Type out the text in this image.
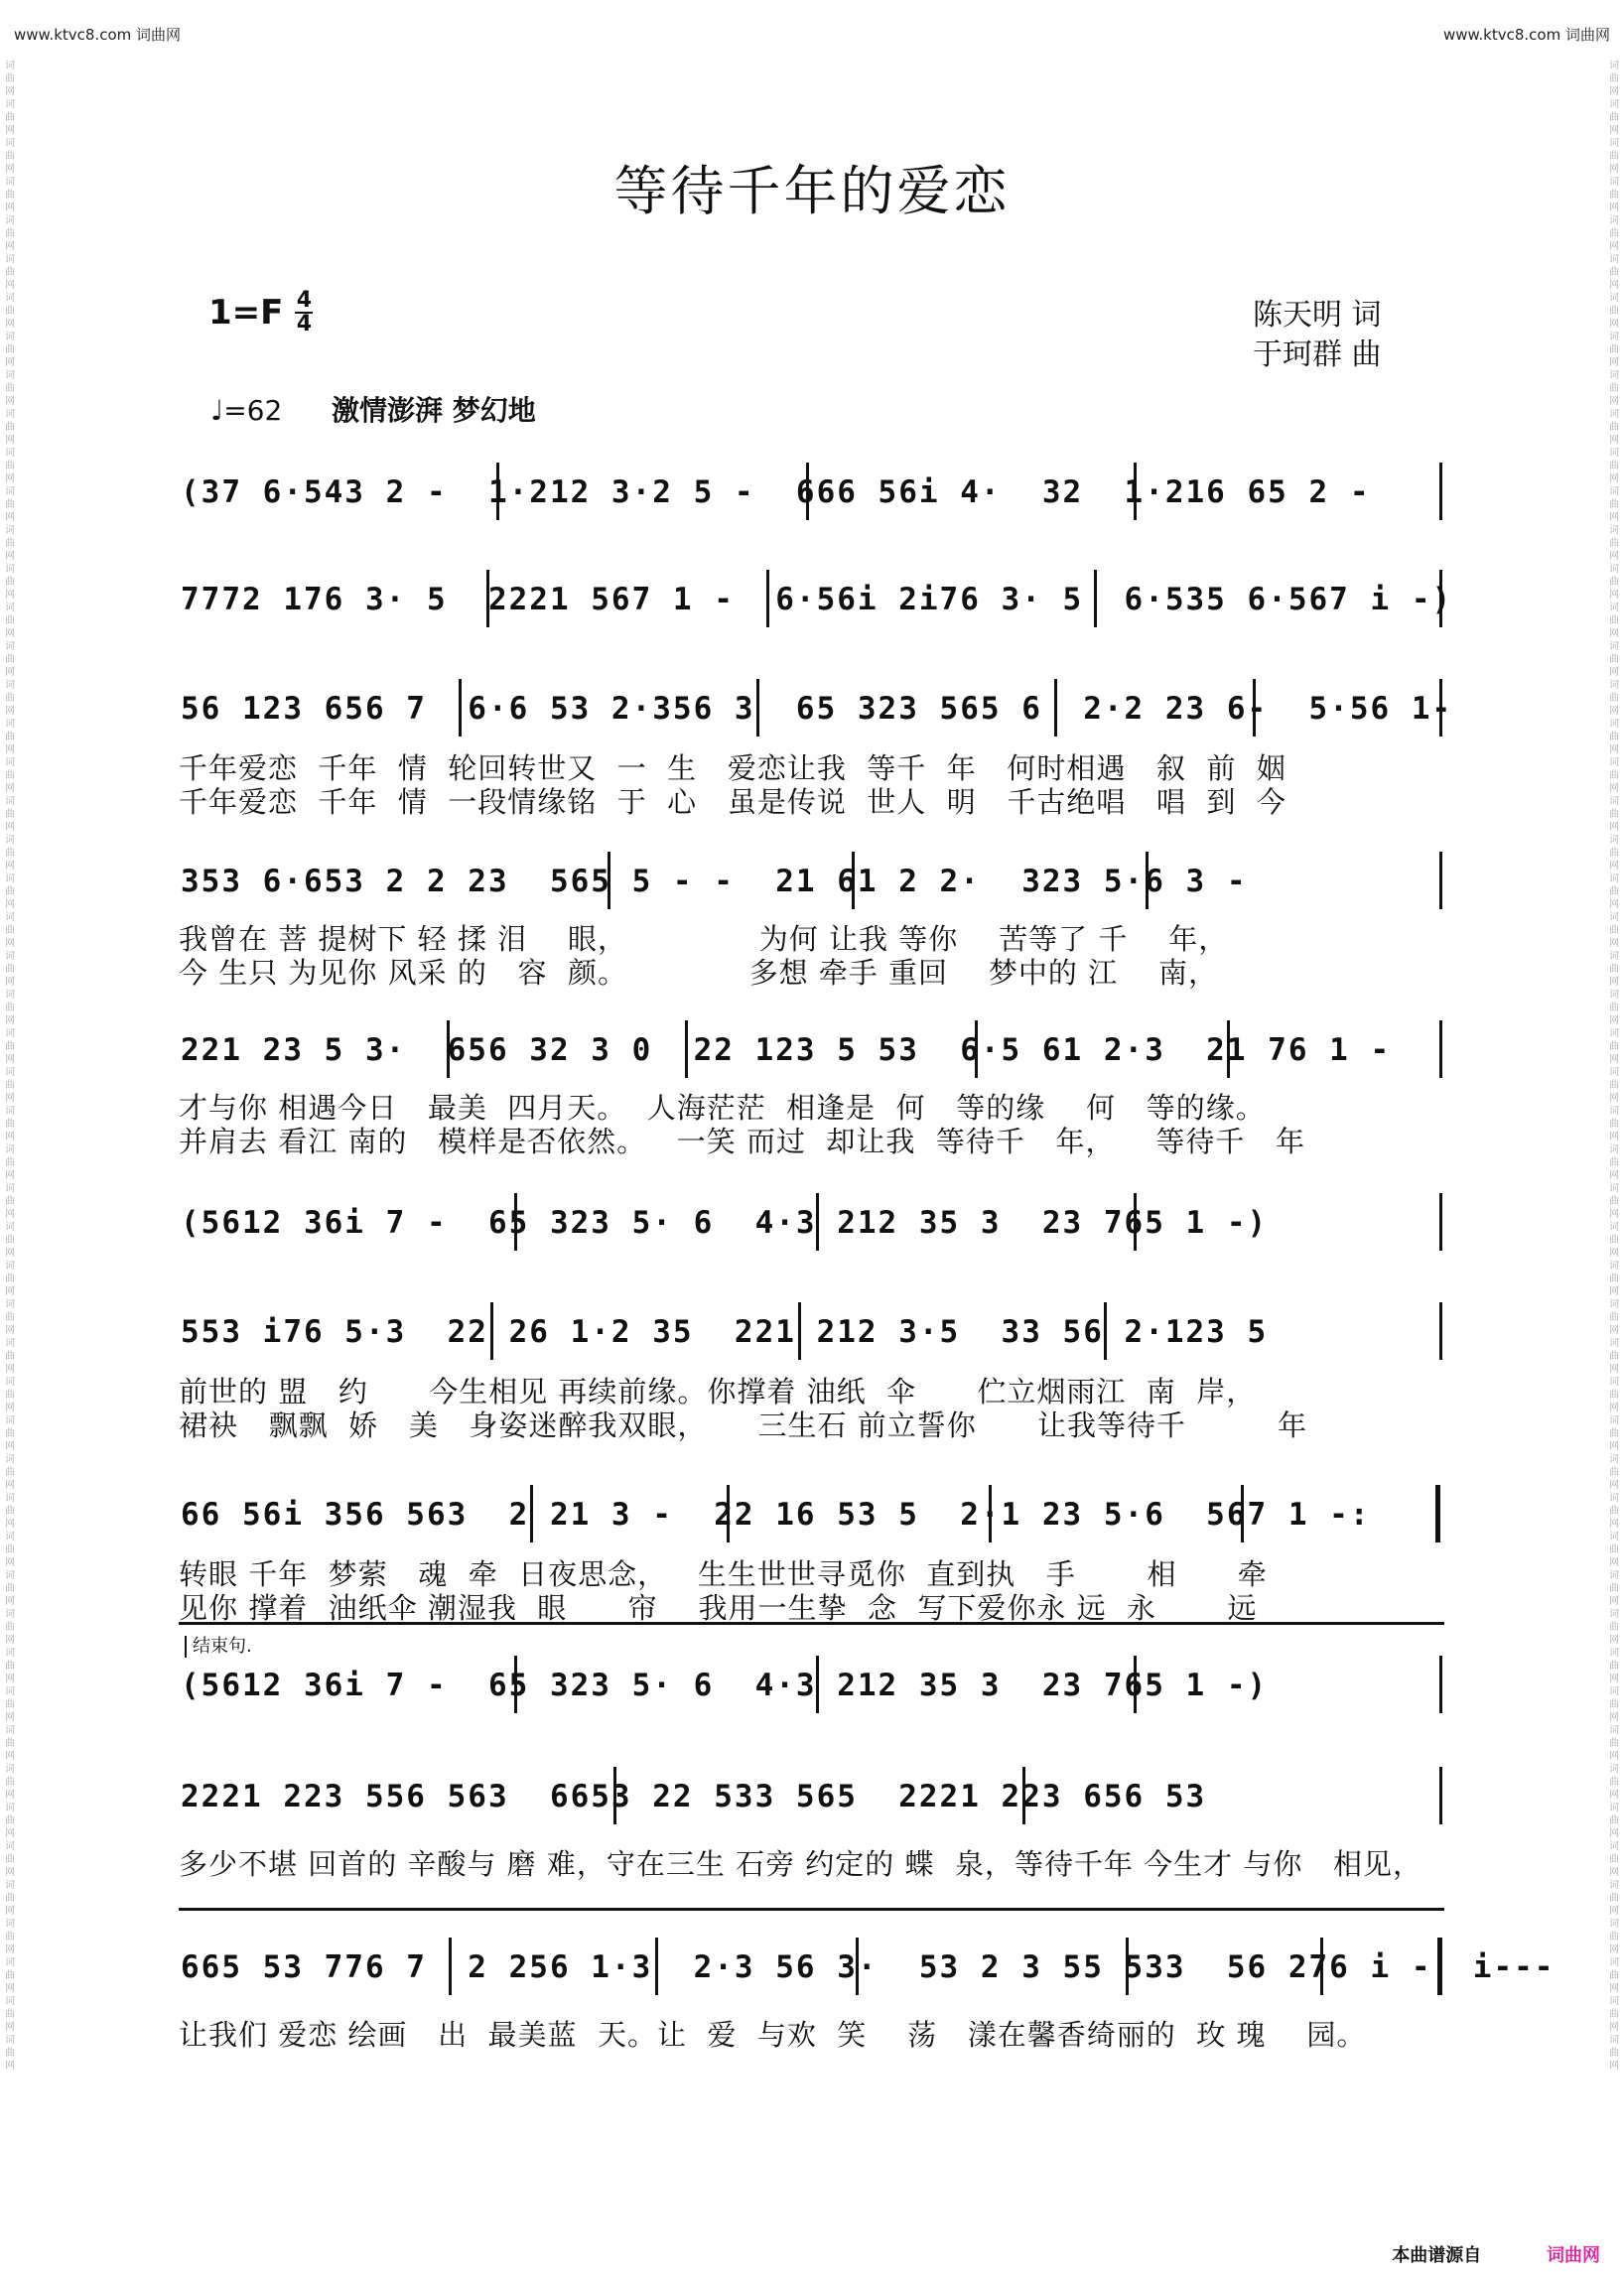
www.ktvc8.com 词曲网	www.ktvc8.com 词曲网
词曲网词曲网词曲网词曲网词曲网词曲网词曲网词曲网词曲网词曲网词曲网词曲网词曲网词曲网词曲网词曲网词曲网词曲网词曲网词曲网词曲网词曲网词曲网词曲网词曲网词曲网词曲网词曲网词曲网词曲网词曲网词曲网词曲网词曲网词曲网词曲网词曲网词曲网词曲网词曲网词曲网词曲网词曲网词曲网词曲网词曲网词曲网词曲网词曲网词曲网词曲网词曲网
词曲网词曲网词曲网词曲网词曲网词曲网词曲网词曲网词曲网词曲网词曲网词曲网词曲网词曲网词曲网词曲网词曲网词曲网词曲网词曲网词曲网词曲网词曲网词曲网词曲网词曲网词曲网词曲网词曲网词曲网词曲网词曲网词曲网词曲网词曲网词曲网词曲网词曲网词曲网词曲网词曲网词曲网词曲网词曲网词曲网词曲网词曲网词曲网词曲网词曲网词曲网词曲网
等待千年的爱恋
$1=F \frac{4}{4}$	陈天明 词
于珂群 曲
♩=62 激情澎湃 梦幻地
(37 6·543 2 -  1·212 3·2 5 -  666 56i 4·  32  1·216 65 2 -
7772 176 3· 5  2221 567 1 -  6·56i 2i76 3· 5  6·535 6·567 i -)
56 123 656 7  6·6 53 2·356 3  65 323 565 6  2·2 23 6-  5·56 1-
千年爱恋  千年  情  轮回转世又  一  生   爱恋让我  等千  年   何时相遇   叙  前  姻
千年爱恋  千年  情  一段情缘铭  于  心   虽是传说  世人  明   千古绝唱   唱  到  今
353 6·653 2 2 23  565 5 - -  21 61 2 2·  323 5·6 3 -
我曾在 菩 提树下 轻 揉 泪    眼，             为何 让我 等你    苦等了 千    年，
今 生只 为见你 风采 的   容  颜。            多想 牵手 重回    梦中的 江    南，
221 23 5 3·  656 32 3 0  22 123 5 53  6·5 61 2·3  21 76 1 -
才与你 相遇今日   最美  四月天。  人海茫茫  相逢是  何   等的缘    何   等的缘。
并肩去 看江 南的   模样是否依然。   一笑 而过  却让我  等待千   年，    等待千   年
(5612 36i 7 -  65 323 5· 6  4·3 212 35 3  23 765 1 -)
553 i76 5·3  22 26 1·2 35  221 212 3·5  33 56 2·123 5
前世的 盟   约      今生相见 再续前缘。你撑着 油纸  伞      伫立烟雨江  南  岸，
裙袂   飘飘  娇   美   身姿迷醉我双眼，     三生石 前立誓你      让我等待千         年
66 56i 356 563  2 21 3 -  22 16 53 5  2·1 23 5·6  567 1 -:
转眼 千年  梦萦   魂  牵  日夜思念，   生生世世寻觅你  直到执   手       相      牵
见你 撑着  油纸伞 潮湿我  眼      帘    我用一生挚  念  写下爱你永 远  永       远
结束句.
(5612 36i 7 -  65 323 5· 6  4·3 212 35 3  23 765 1 -)
2221 223 556 563  6653 22 533 565  2221 223 656 53
多少不堪 回首的 辛酸与 磨 难，守在三生 石旁 约定的 蝶  泉，等待千年 今生才 与你   相见，
665 53 776 7  2 256 1·3  2·3 56 3·  53 2 3 55 533  56 276 i -  i---
让我们 爱恋 绘画   出  最美蓝  天。让  爱  与欢  笑    荡   漾在馨香绮丽的  玫 瑰    园。
本曲谱源自	词曲网
